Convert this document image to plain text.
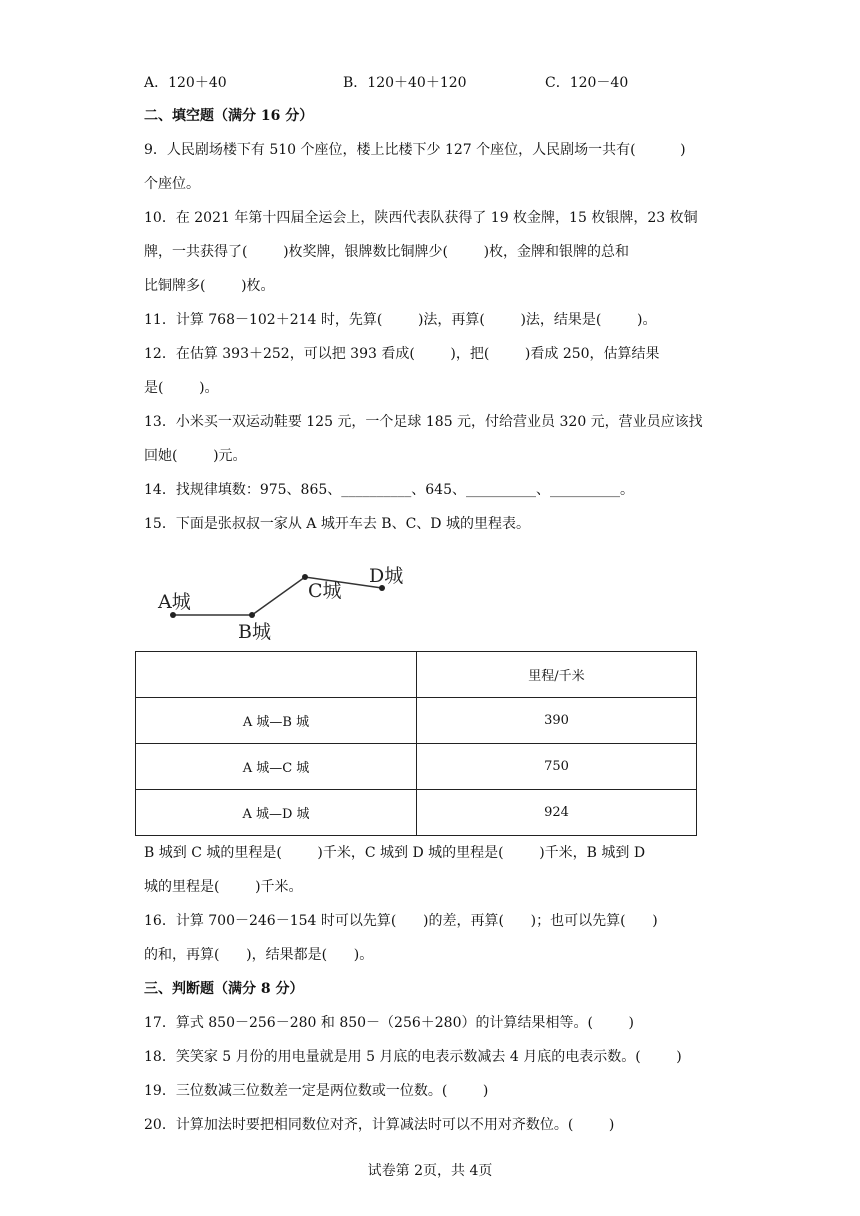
A．120＋40	B．120＋40＋120	C．120－40
二、填空题（满分 16 分）
9．人民剧场楼下有 510 个座位，楼上比楼下少 127 个座位，人民剧场一共有(          )
个座位。
10．在 2021 年第十四届全运会上，陕西代表队获得了 19 枚金牌，15 枚银牌，23 枚铜
牌，一共获得了(        )枚奖牌，银牌数比铜牌少(        )枚，金牌和银牌的总和
比铜牌多(        )枚。
11．计算 768－102＋214 时，先算(        )法，再算(        )法，结果是(        )。
12．在估算 393＋252，可以把 393 看成(        )，把(        )看成 250，估算结果
是(        )。
13．小米买一双运动鞋要 125 元，一个足球 185 元，付给营业员 320 元，营业员应该找
回她(        )元。
14．找规律填数：975、865、__________、645、__________、__________。
15．下面是张叔叔一家从 A 城开车去 B、C、D 城的里程表。
A城
B城
C城
D城
	里程/千米
A 城—B 城	390
A 城—C 城	750
A 城—D 城	924
B 城到 C 城的里程是(        )千米，C 城到 D 城的里程是(        )千米，B 城到 D
城的里程是(        )千米。
16．计算 700－246－154 时可以先算(      )的差，再算(      )；也可以先算(      )
的和，再算(      )，结果都是(      )。
三、判断题（满分 8 分）
17．算式 850－256－280 和 850－（256＋280）的计算结果相等。(        )
18．笑笑家 5 月份的用电量就是用 5 月底的电表示数减去 4 月底的电表示数。(        )
19．三位数减三位数差一定是两位数或一位数。(        )
20．计算加法时要把相同数位对齐，计算减法时可以不用对齐数位。(        )
试卷第 2页，共 4页
